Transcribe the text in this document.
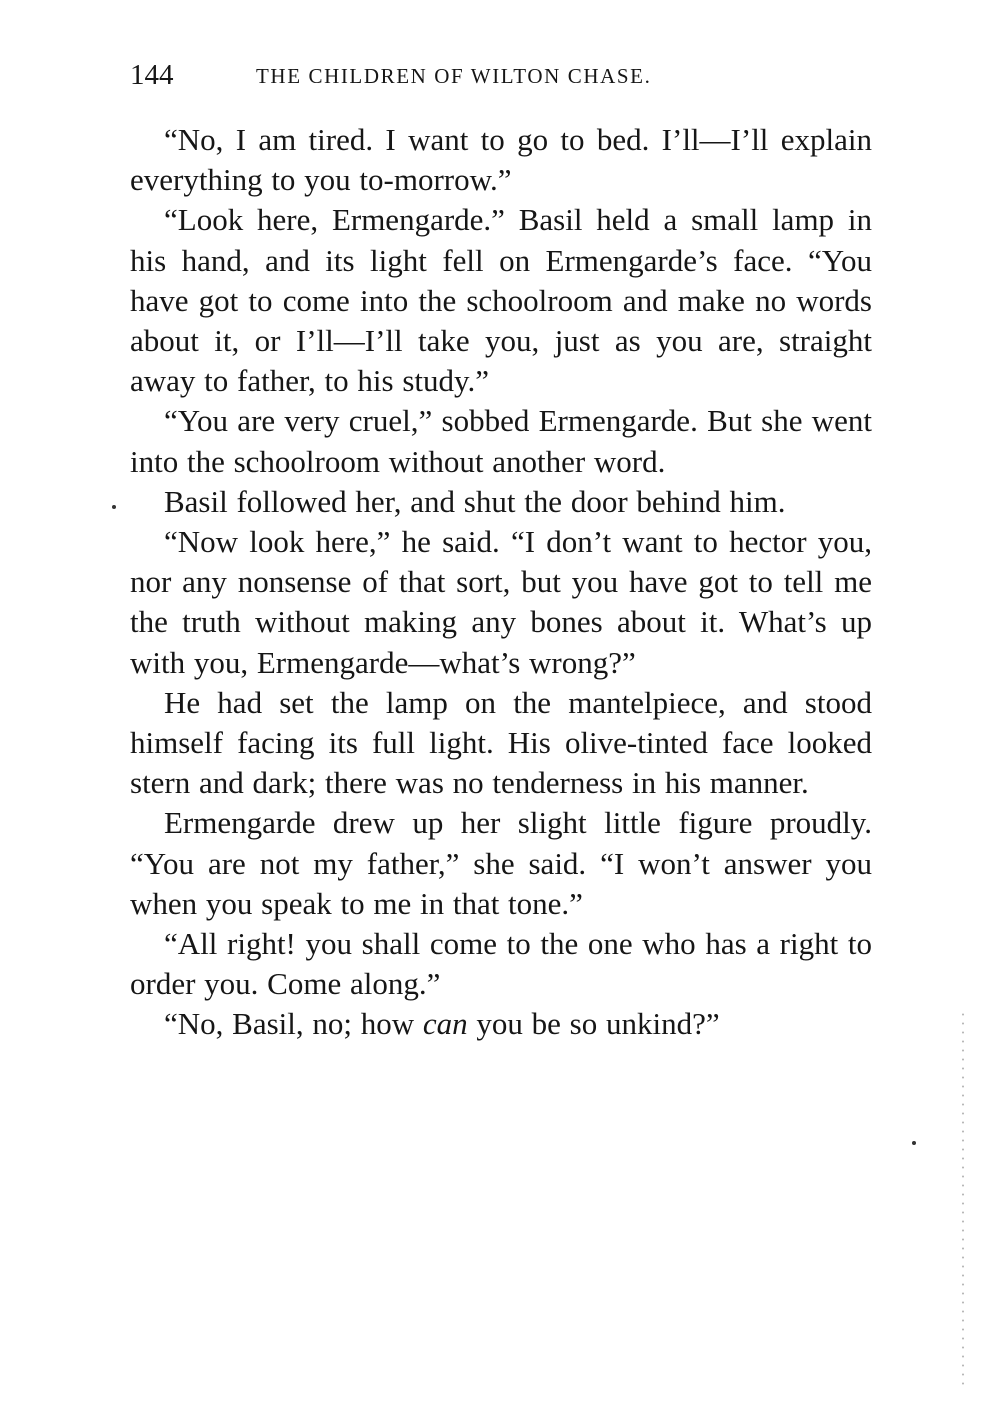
144	THE CHILDREN OF WILTON CHASE.

“No, I am tired. I want to go to bed. I’ll—I’ll explain everything to you to-morrow.”

“Look here, Ermengarde.” Basil held a small lamp in his hand, and its light fell on Ermengarde’s face. “You have got to come into the schoolroom and make no words about it, or I’ll—I’ll take you, just as you are, straight away to father, to his study.”

“You are very cruel,” sobbed Ermengarde. But she went into the schoolroom without another word.

Basil followed her, and shut the door behind him.

“Now look here,” he said. “I don’t want to hector you, nor any nonsense of that sort, but you have got to tell me the truth without making any bones about it. What’s up with you, Ermengarde—what’s wrong?”

He had set the lamp on the mantelpiece, and stood himself facing its full light. His olive-tinted face looked stern and dark; there was no tenderness in his manner.

Ermengarde drew up her slight little figure proudly. “You are not my father,” she said. “I won’t answer you when you speak to me in that tone.”

“All right! you shall come to the one who has a right to order you. Come along.”

“No, Basil, no; how can you be so unkind?”
